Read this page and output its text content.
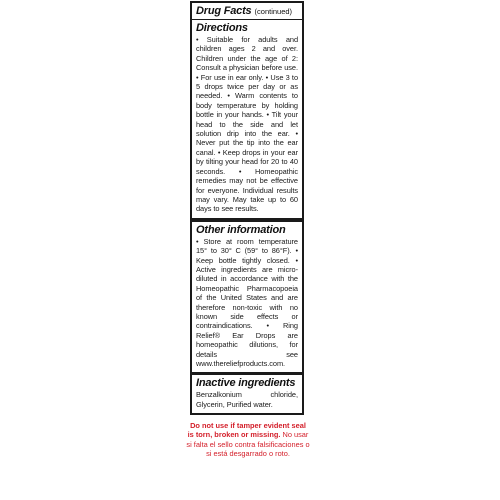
Drug Facts (continued)
Directions
• Suitable for adults and children ages 2 and over. Children under the age of 2: Consult a physician before use. • For use in ear only. • Use 3 to 5 drops twice per day or as needed. • Warm contents to body temperature by holding bottle in your hands. • Tilt your head to the side and let solution drip into the ear. • Never put the tip into the ear canal. • Keep drops in your ear by tilting your head for 20 to 40 seconds. • Homeopathic remedies may not be effective for everyone. Individual results may vary. May take up to 60 days to see results.
Other information
• Store at room temperature 15° to 30° C (59° to 86°F). • Keep bottle tightly closed. • Active ingredients are micro-diluted in accordance with the Homeopathic Pharmacopoeia of the United States and are therefore non-toxic with no known side effects or contraindications. • Ring Relief® Ear Drops are homeopathic dilutions, for details see www.thereliefproducts.com.
Inactive ingredients
Benzalkonium chloride, Glycerin, Purified water.
Do not use if tamper evident seal is torn, broken or missing. No usar si falta el sello contra falsificaciones o si está desgarrado o roto.
